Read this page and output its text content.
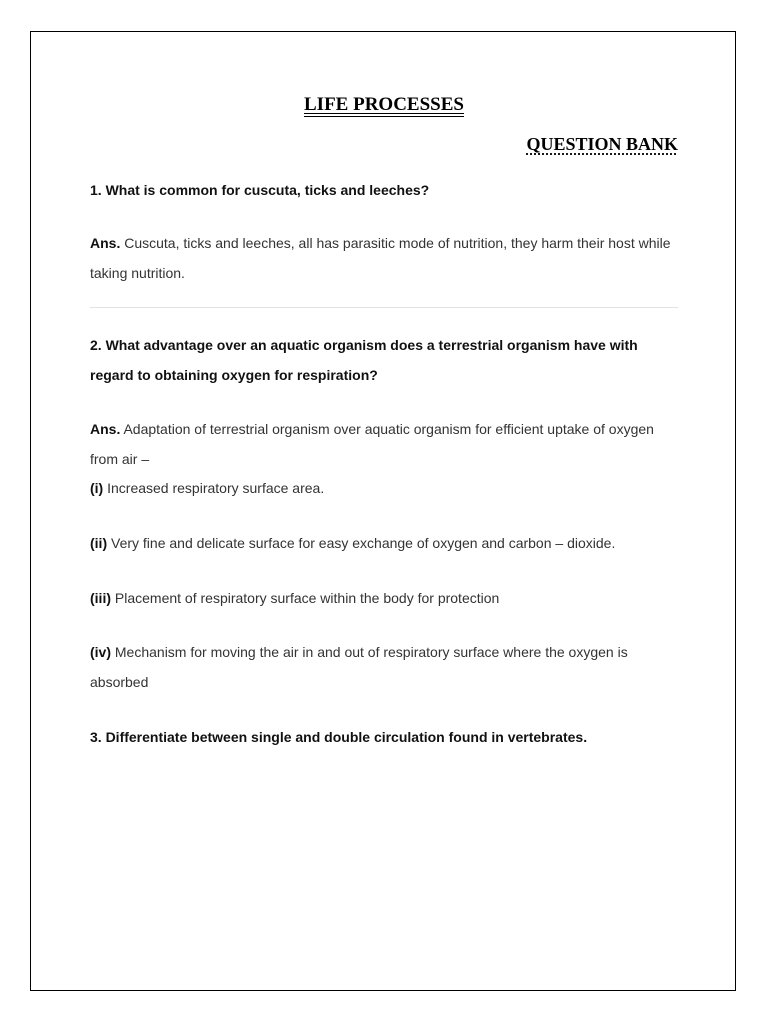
LIFE PROCESSES
QUESTION BANK

1. What is common for cuscuta, ticks and leeches?

Ans. Cuscuta, ticks and leeches, all has parasitic mode of nutrition, they harm their host while taking nutrition.

2. What advantage over an aquatic organism does a terrestrial organism have with regard to obtaining oxygen for respiration?

Ans. Adaptation of terrestrial organism over aquatic organism for efficient uptake of oxygen from air –

(i) Increased respiratory surface area.

(ii) Very fine and delicate surface for easy exchange of oxygen and carbon – dioxide.

(iii) Placement of respiratory surface within the body for protection

(iv) Mechanism for moving the air in and out of respiratory surface where the oxygen is absorbed

3. Differentiate between single and double circulation found in vertebrates.
